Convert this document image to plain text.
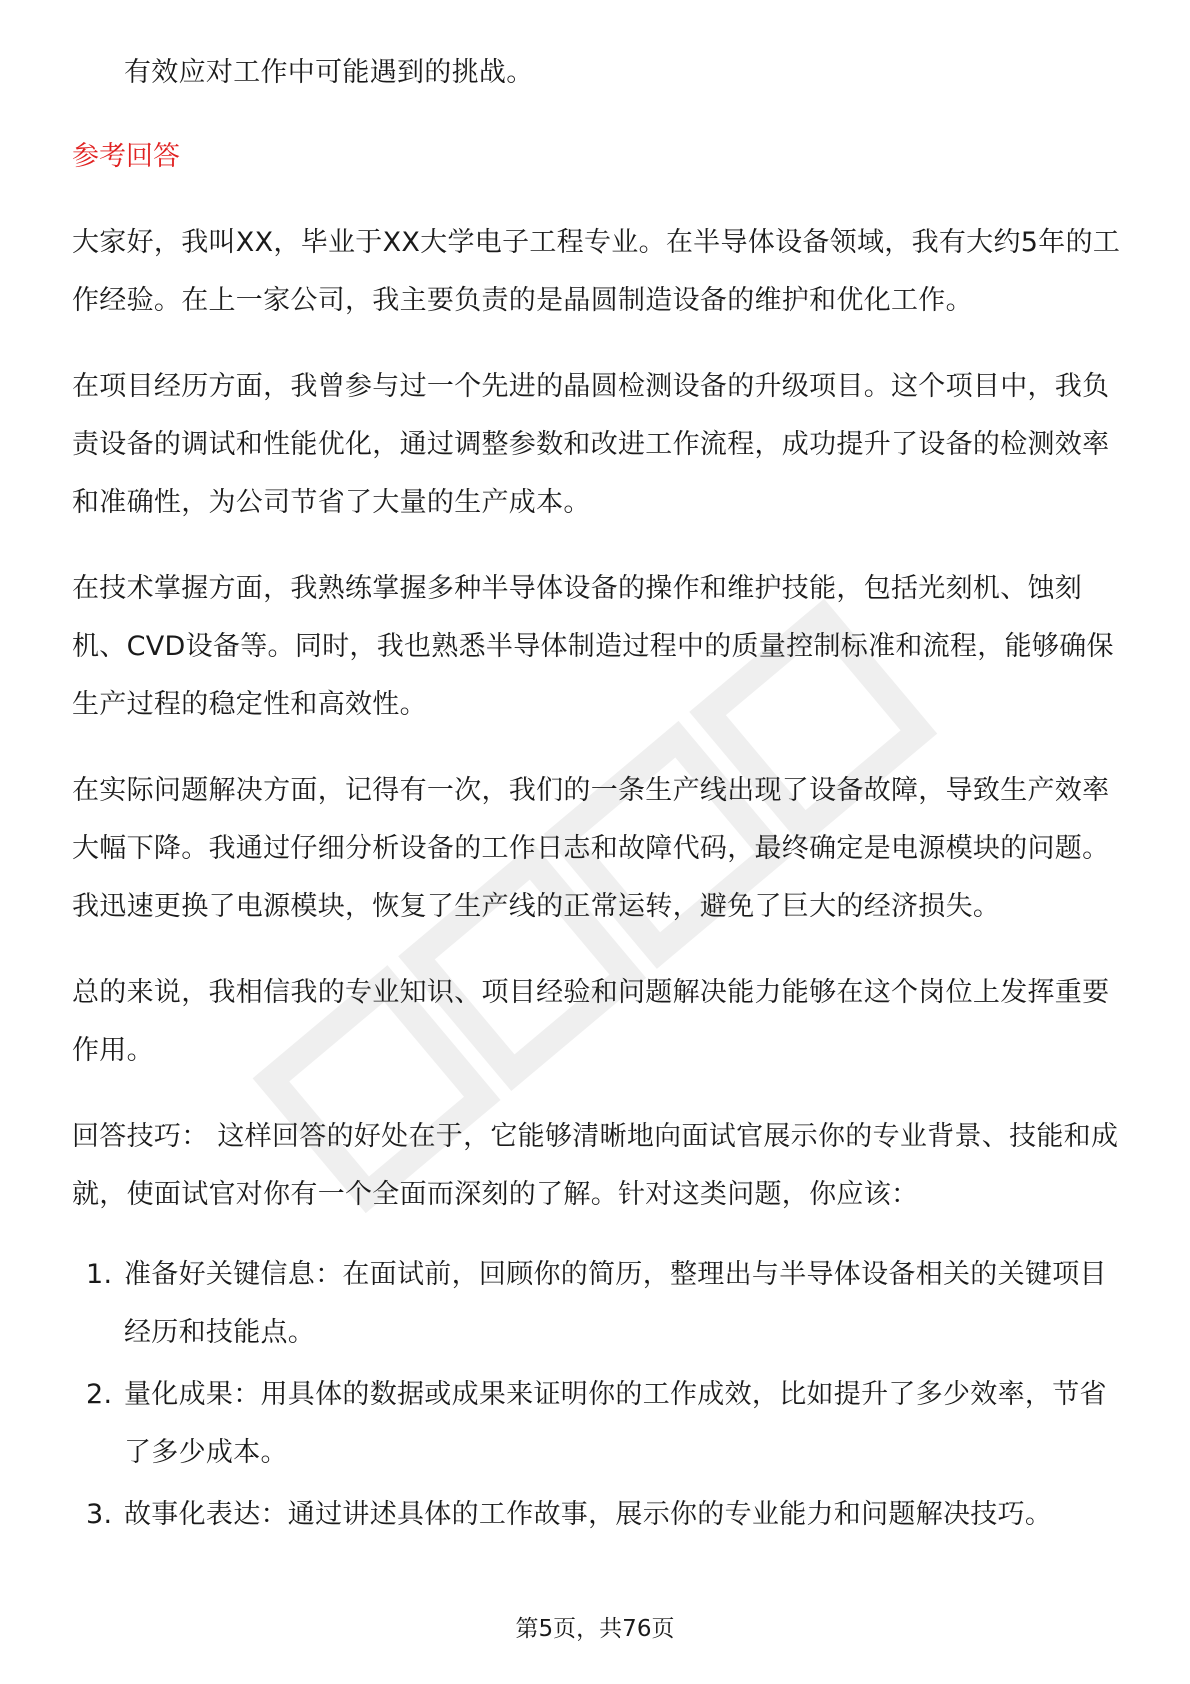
有效应对工作中可能遇到的挑战。

参考回答

大家好，我叫XX，毕业于XX大学电子工程专业。在半导体设备领域，我有大约5年的工作经验。在上一家公司，我主要负责的是晶圆制造设备的维护和优化工作。

在项目经历方面，我曾参与过一个先进的晶圆检测设备的升级项目。这个项目中，我负责设备的调试和性能优化，通过调整参数和改进工作流程，成功提升了设备的检测效率和准确性，为公司节省了大量的生产成本。

在技术掌握方面，我熟练掌握多种半导体设备的操作和维护技能，包括光刻机、蚀刻机、CVD设备等。同时，我也熟悉半导体制造过程中的质量控制标准和流程，能够确保生产过程的稳定性和高效性。

在实际问题解决方面，记得有一次，我们的一条生产线出现了设备故障，导致生产效率大幅下降。我通过仔细分析设备的工作日志和故障代码，最终确定是电源模块的问题。我迅速更换了电源模块，恢复了生产线的正常运转，避免了巨大的经济损失。

总的来说，我相信我的专业知识、项目经验和问题解决能力能够在这个岗位上发挥重要作用。

回答技巧： 这样回答的好处在于，它能够清晰地向面试官展示你的专业背景、技能和成就，使面试官对你有一个全面而深刻的了解。针对这类问题，你应该：

1. 准备好关键信息：在面试前，回顾你的简历，整理出与半导体设备相关的关键项目经历和技能点。
2. 量化成果：用具体的数据或成果来证明你的工作成效，比如提升了多少效率，节省了多少成本。
3. 故事化表达：通过讲述具体的工作故事，展示你的专业能力和问题解决技巧。
第5页，共76页
